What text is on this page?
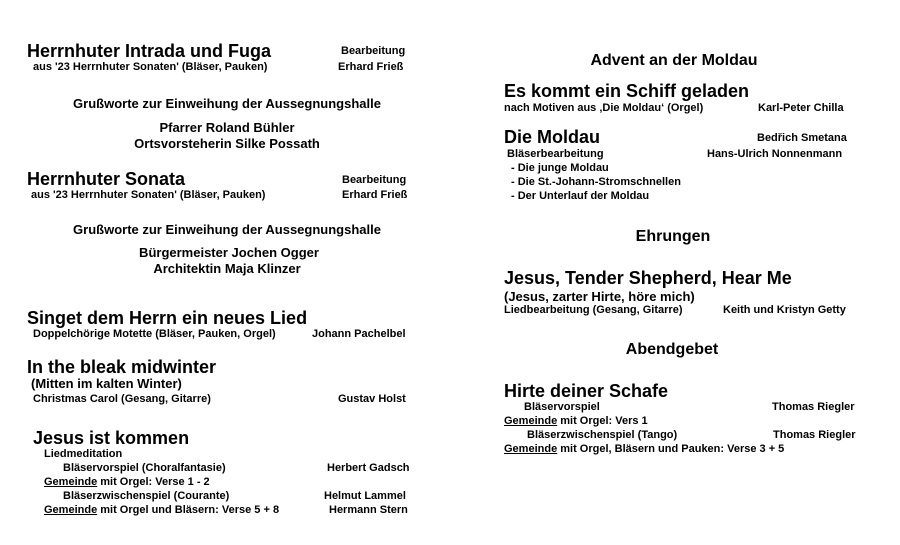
Herrnhuter Intrada und Fuga	Bearbeitung
aus '23 Herrnhuter Sonaten' (Bläser, Pauken)	Erhard Frieß
Grußworte zur Einweihung der Aussegnungshalle
Pfarrer Roland Bühler
Ortsvorsteherin Silke Possath
Herrnhuter Sonata	Bearbeitung
aus '23 Herrnhuter Sonaten' (Bläser, Pauken)	Erhard Frieß
Grußworte zur Einweihung der Aussegnungshalle
Bürgermeister Jochen Ogger
Architektin Maja Klinzer
Singet dem Herrn ein neues Lied
Doppelchörige Motette (Bläser, Pauken, Orgel)	Johann Pachelbel
In the bleak midwinter
(Mitten im kalten Winter)
Christmas Carol (Gesang, Gitarre)	Gustav Holst
Jesus ist kommen
Liedmeditation
Bläservorspiel (Choralfantasie)	Herbert Gadsch
Gemeinde mit Orgel: Verse 1 - 2
Bläserzwischenspiel (Courante)	Helmut Lammel
Gemeinde mit Orgel und Bläsern: Verse 5 + 8	Hermann Stern
Advent an der Moldau
Es kommt ein Schiff geladen
nach Motiven aus ‚Die Moldau‘ (Orgel)	Karl-Peter Chilla
Die Moldau	Bedřich Smetana
Bläserbearbeitung	Hans-Ulrich Nonnenmann
- Die junge Moldau
- Die St.-Johann-Stromschnellen
- Der Unterlauf der Moldau
Ehrungen
Jesus, Tender Shepherd, Hear Me
(Jesus, zarter Hirte, höre mich)
Liedbearbeitung (Gesang, Gitarre)	Keith und Kristyn Getty
Abendgebet
Hirte deiner Schafe
Bläservorspiel	Thomas Riegler
Gemeinde mit Orgel: Vers 1
Bläserzwischenspiel (Tango)	Thomas Riegler
Gemeinde mit Orgel, Bläsern und Pauken: Verse 3 + 5
